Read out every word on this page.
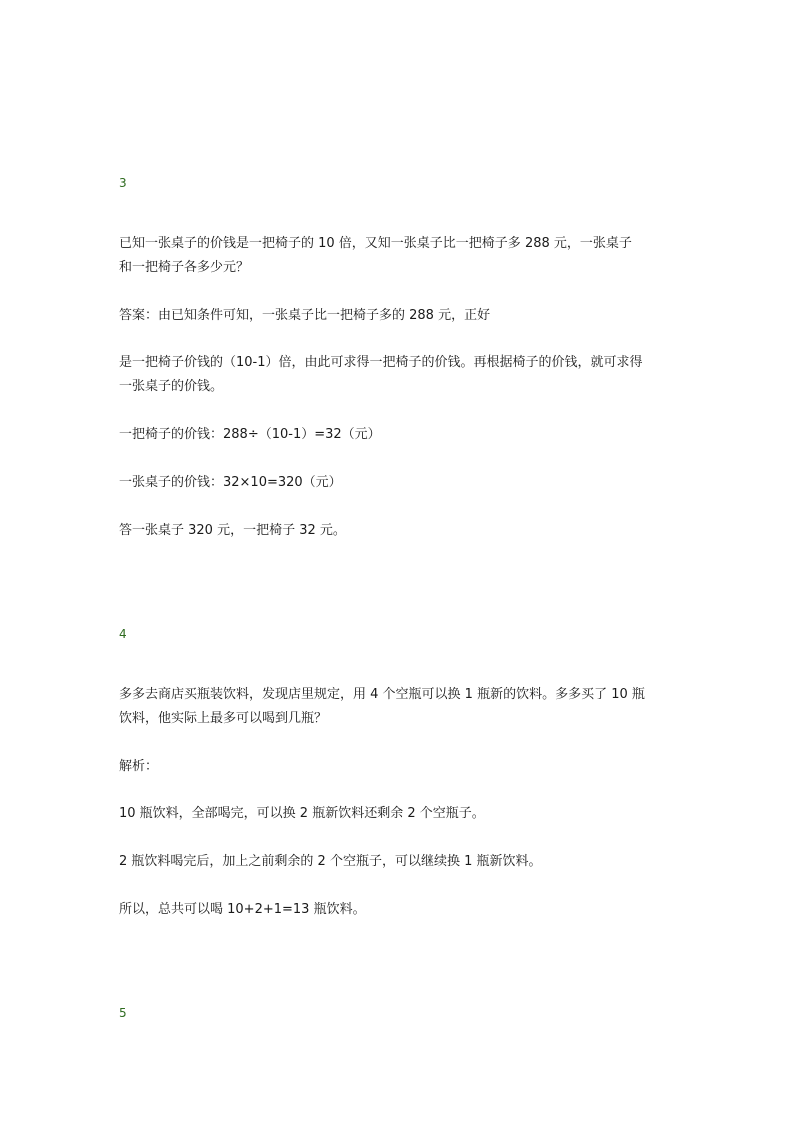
3
已知一张桌子的价钱是一把椅子的 10 倍，又知一张桌子比一把椅子多 288 元，一张桌子
和一把椅子各多少元？
答案：由已知条件可知，一张桌子比一把椅子多的 288 元，正好
是一把椅子价钱的（10-1）倍，由此可求得一把椅子的价钱。再根据椅子的价钱，就可求得
一张桌子的价钱。
一把椅子的价钱：288÷（10-1）=32（元）
一张桌子的价钱：32×10=320（元）
答一张桌子 320 元，一把椅子 32 元。
4
多多去商店买瓶装饮料，发现店里规定，用 4 个空瓶可以换 1 瓶新的饮料。多多买了 10 瓶
饮料，他实际上最多可以喝到几瓶？
解析：
10 瓶饮料，全部喝完，可以换 2 瓶新饮料还剩余 2 个空瓶子。
2 瓶饮料喝完后，加上之前剩余的 2 个空瓶子，可以继续换 1 瓶新饮料。
所以，总共可以喝 10+2+1=13 瓶饮料。
5
